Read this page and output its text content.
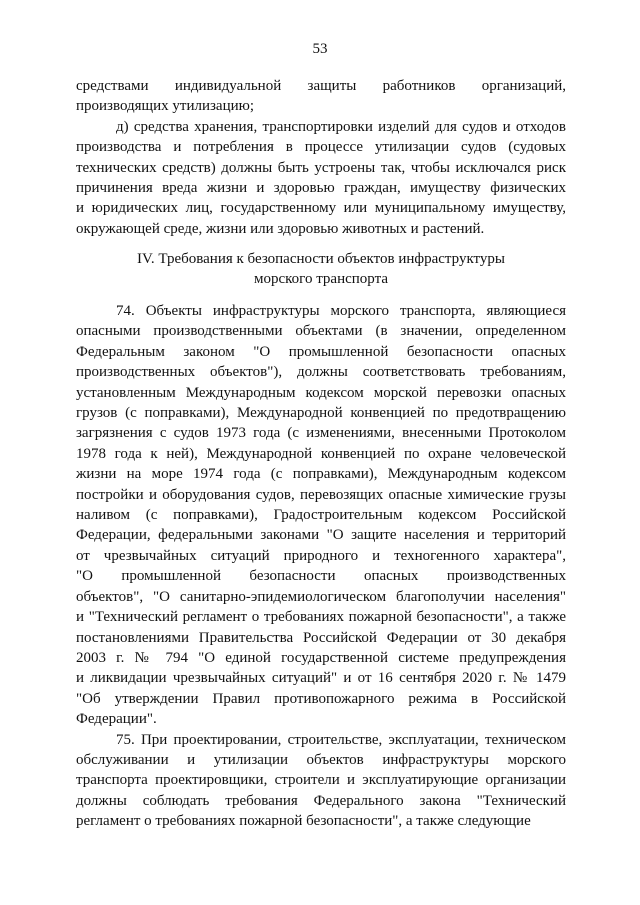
53
средствами индивидуальной защиты работников организаций,
производящих утилизацию;
д) средства хранения, транспортировки изделий для судов и отходов
производства и потребления в процессе утилизации судов (судовых
технических средств) должны быть устроены так, чтобы исключался риск
причинения вреда жизни и здоровью граждан, имуществу физических
и юридических лиц, государственному или муниципальному имуществу,
окружающей среде, жизни или здоровью животных и растений.
IV. Требования к безопасности объектов инфраструктуры
морского транспорта
74. Объекты инфраструктуры морского транспорта, являющиеся
опасными производственными объектами (в значении, определенном
Федеральным законом "О промышленной безопасности опасных
производственных объектов"), должны соответствовать требованиям,
установленным Международным кодексом морской перевозки опасных
грузов (с поправками), Международной конвенцией по предотвращению
загрязнения с судов 1973 года (с изменениями, внесенными Протоколом
1978 года к ней), Международной конвенцией по охране человеческой
жизни на море 1974 года (с поправками), Международным кодексом
постройки и оборудования судов, перевозящих опасные химические грузы
наливом (с поправками), Градостроительным кодексом Российской
Федерации, федеральными законами "О защите населения и территорий
от чрезвычайных ситуаций природного и техногенного характера",
"О промышленной безопасности опасных производственных
объектов", "О санитарно-эпидемиологическом благополучии населения"
и "Технический регламент о требованиях пожарной безопасности", а также
постановлениями Правительства Российской Федерации от 30 декабря
2003 г. № 794 "О единой государственной системе предупреждения
и ликвидации чрезвычайных ситуаций" и от 16 сентября 2020 г. № 1479
"Об утверждении Правил противопожарного режима в Российской
Федерации".
75. При проектировании, строительстве, эксплуатации, техническом
обслуживании и утилизации объектов инфраструктуры морского
транспорта проектировщики, строители и эксплуатирующие организации
должны соблюдать требования Федерального закона "Технический
регламент о требованиях пожарной безопасности", а также следующие
